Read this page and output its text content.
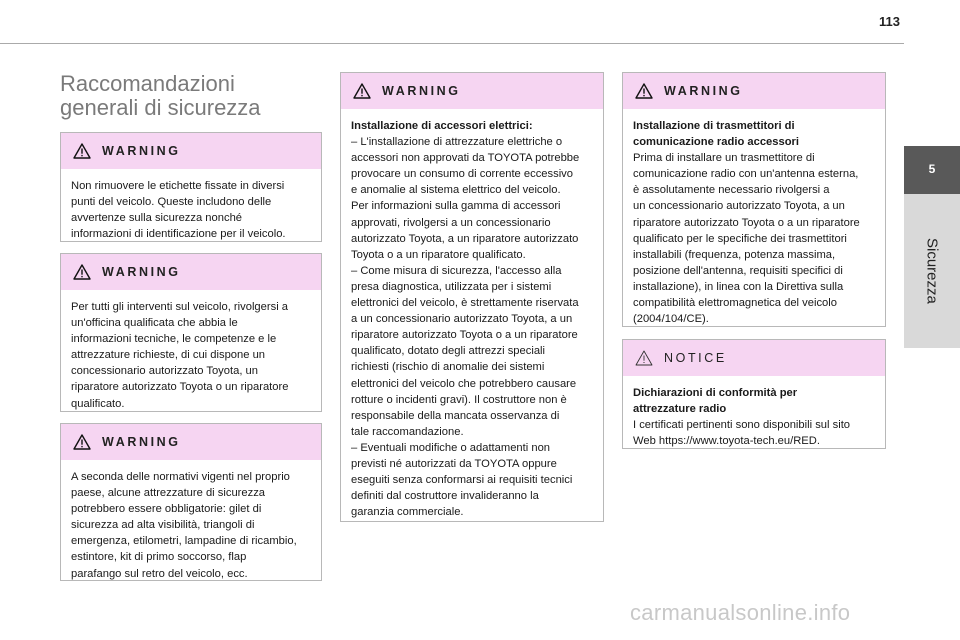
113
5
Sicurezza
Raccomandazioni
generali di sicurezza
WARNING

Non rimuovere le etichette fissate in diversi
punti del veicolo. Queste includono delle
avvertenze sulla sicurezza nonché
informazioni di identificazione per il veicolo.

WARNING

Per tutti gli interventi sul veicolo, rivolgersi a
un'officina qualificata che abbia le
informazioni tecniche, le competenze e le
attrezzature richieste, di cui dispone un
concessionario autorizzato Toyota, un
riparatore autorizzato Toyota o un riparatore
qualificato.

WARNING

A seconda delle normativi vigenti nel proprio
paese, alcune attrezzature di sicurezza
potrebbero essere obbligatorie: gilet di
sicurezza ad alta visibilità, triangoli di
emergenza, etilometri, lampadine di ricambio,
estintore, kit di primo soccorso, flap
parafango sul retro del veicolo, ecc.

WARNING

Installazione di accessori elettrici:

– L'installazione di attrezzature elettriche o
accessori non approvati da TOYOTA potrebbe
provocare un consumo di corrente eccessivo
e anomalie al sistema elettrico del veicolo.
Per informazioni sulla gamma di accessori
approvati, rivolgersi a un concessionario
autorizzato Toyota, a un riparatore autorizzato
Toyota o a un riparatore qualificato.
– Come misura di sicurezza, l'accesso alla
presa diagnostica, utilizzata per i sistemi
elettronici del veicolo, è strettamente riservata
a un concessionario autorizzato Toyota, a un
riparatore autorizzato Toyota o a un riparatore
qualificato, dotato degli attrezzi speciali
richiesti (rischio di anomalie dei sistemi
elettronici del veicolo che potrebbero causare
rotture o incidenti gravi). Il costruttore non è
responsabile della mancata osservanza di
tale raccomandazione.
– Eventuali modifiche o adattamenti non
previsti né autorizzati da TOYOTA oppure
eseguiti senza conformarsi ai requisiti tecnici
definiti dal costruttore invalideranno la
garanzia commerciale.

WARNING

Installazione di trasmettitori di
comunicazione radio accessori

Prima di installare un trasmettitore di
comunicazione radio con un'antenna esterna,
è assolutamente necessario rivolgersi a
un concessionario autorizzato Toyota, a un
riparatore autorizzato Toyota o a un riparatore
qualificato per le specifiche dei trasmettitori
installabili (frequenza, potenza massima,
posizione dell'antenna, requisiti specifici di
installazione), in linea con la Direttiva sulla
compatibilità elettromagnetica del veicolo
(2004/104/CE).

NOTICE

Dichiarazioni di conformità per
attrezzature radio

I certificati pertinenti sono disponibili sul sito
Web https://www.toyota-tech.eu/RED.

carmanualsonline.info
